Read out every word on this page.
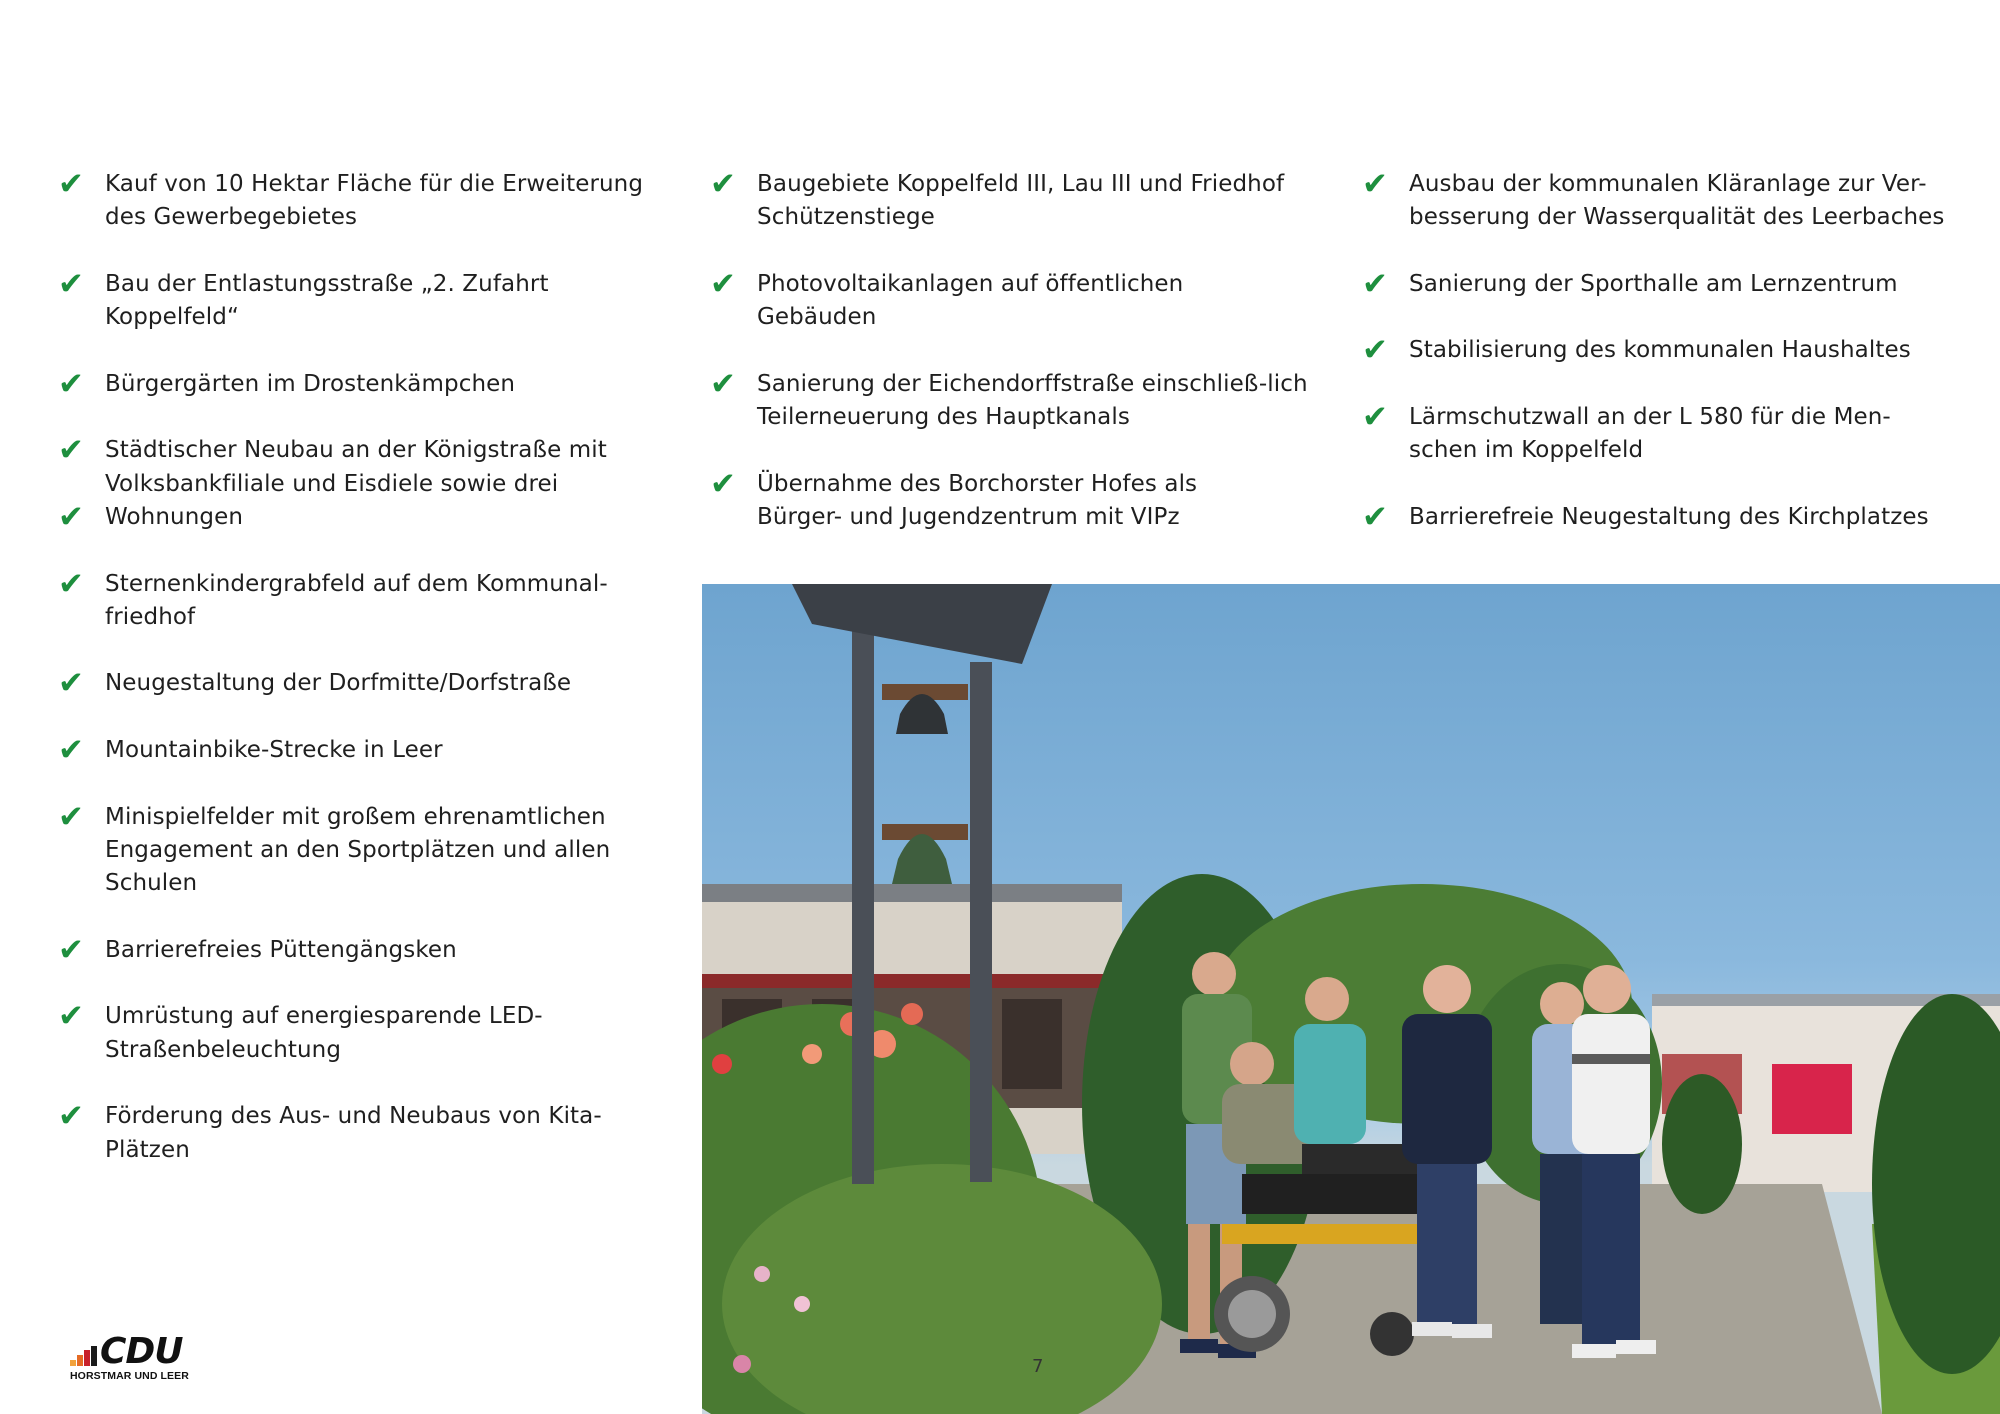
✔ Kauf von 10 Hektar Fläche für die Erweiterung des Gewerbegebietes
✔ Bau der Entlastungsstraße „2. Zufahrt Koppelfeld“
✔ Bürgergärten im Drostenkämpchen
✔ Städtischer Neubau an der Königstraße mit Volksbankfiliale und Eisdiele sowie drei
✔ Wohnungen
✔ Sternenkindergrabfeld auf dem Kommunal-friedhof
✔ Neugestaltung der Dorfmitte/Dorfstraße
✔ Mountainbike-Strecke in Leer
✔ Minispielfelder mit großem ehrenamtlichen Engagement an den Sportplätzen und allen Schulen
✔ Barrierefreies Püttengängsken
✔ Umrüstung auf energiesparende LED-Straßenbeleuchtung
✔ Förderung des Aus- und Neubaus von Kita-Plätzen
✔ Baugebiete Koppelfeld III, Lau III und Friedhof Schützenstiege
✔ Photovoltaikanlagen auf öffentlichen Gebäuden
✔ Sanierung der Eichendorffstraße einschließ-lich Teilerneuerung des Hauptkanals
✔ Übernahme des Borchorster Hofes als Bürger- und Jugendzentrum mit VIPz
✔ Ausbau der kommunalen Kläranlage zur Ver-besserung der Wasserqualität des Leerbaches
✔ Sanierung der Sporthalle am Lernzentrum
✔ Stabilisierung des kommunalen Haushaltes
✔ Lärmschutzwall an der L 580 für die Men-schen im Koppelfeld
✔ Barrierefreie Neugestaltung des Kirchplatzes
7
CDU
HORSTMAR UND LEER
